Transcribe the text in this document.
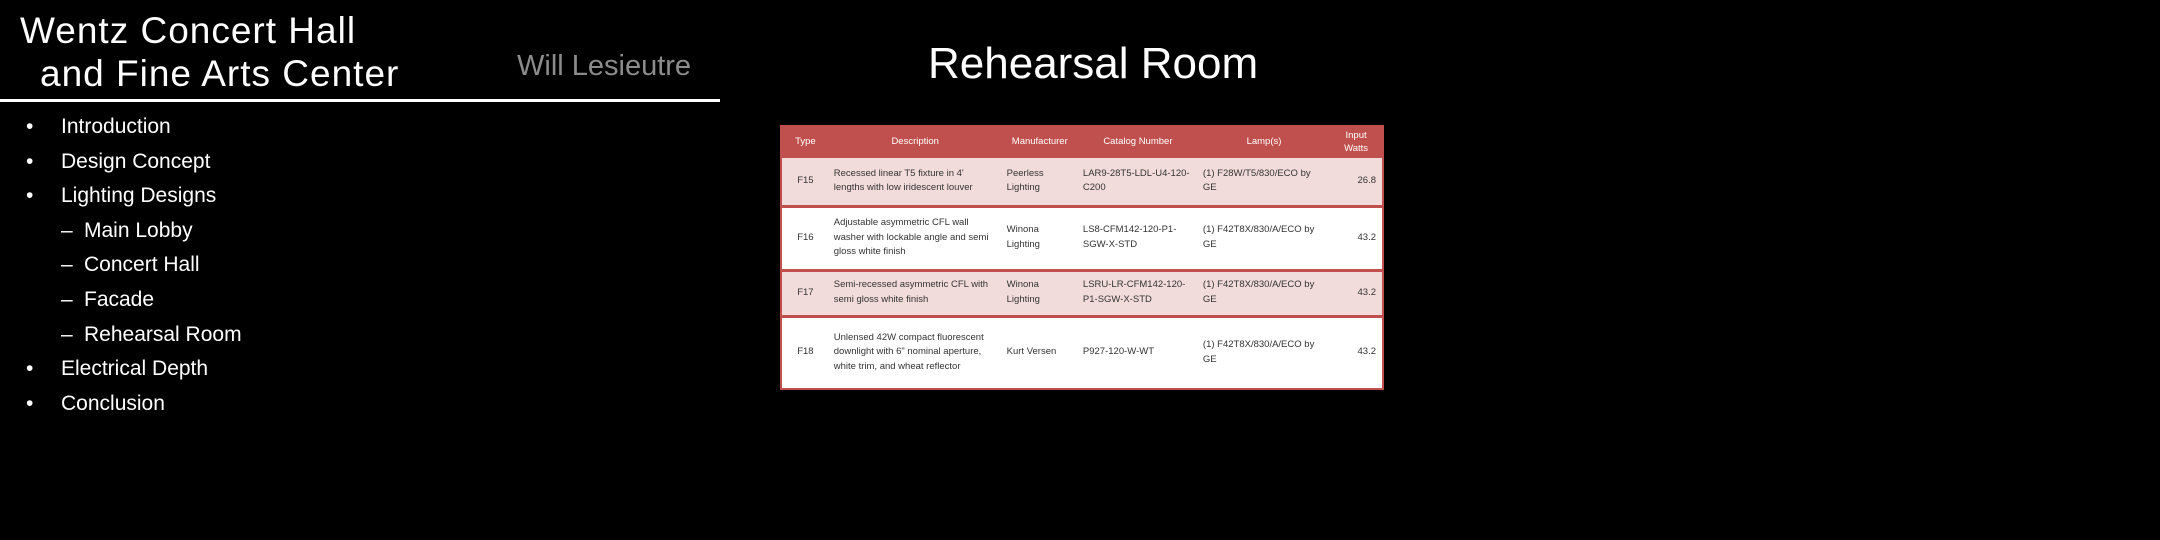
Wentz Concert Hall
and Fine Arts Center	Will Lesieutre	Rehearsal Room
• Introduction
• Design Concept
• Lighting Designs
– Main Lobby
– Concert Hall
– Facade
– Rehearsal Room
• Electrical Depth
• Conclusion
Type	Description	Manufacturer	Catalog Number	Lamp(s)	Input Watts
F15	Recessed linear T5 fixture in 4' lengths with low iridescent louver	Peerless Lighting	LAR9-28T5-LDL-U4-120-C200	(1) F28W/T5/830/ECO by GE	26.8
F16	Adjustable asymmetric CFL wall washer with lockable angle and semi gloss white finish	Winona Lighting	LS8-CFM142-120-P1-SGW-X-STD	(1) F42T8X/830/A/ECO by GE	43.2
F17	Semi-recessed asymmetric CFL with semi gloss white finish	Winona Lighting	LSRU-LR-CFM142-120-P1-SGW-X-STD	(1) F42T8X/830/A/ECO by GE	43.2
F18	Unlensed 42W compact fluorescent downlight with 6" nominal aperture, white trim, and wheat reflector	Kurt Versen	P927-120-W-WT	(1) F42T8X/830/A/ECO by GE	43.2
